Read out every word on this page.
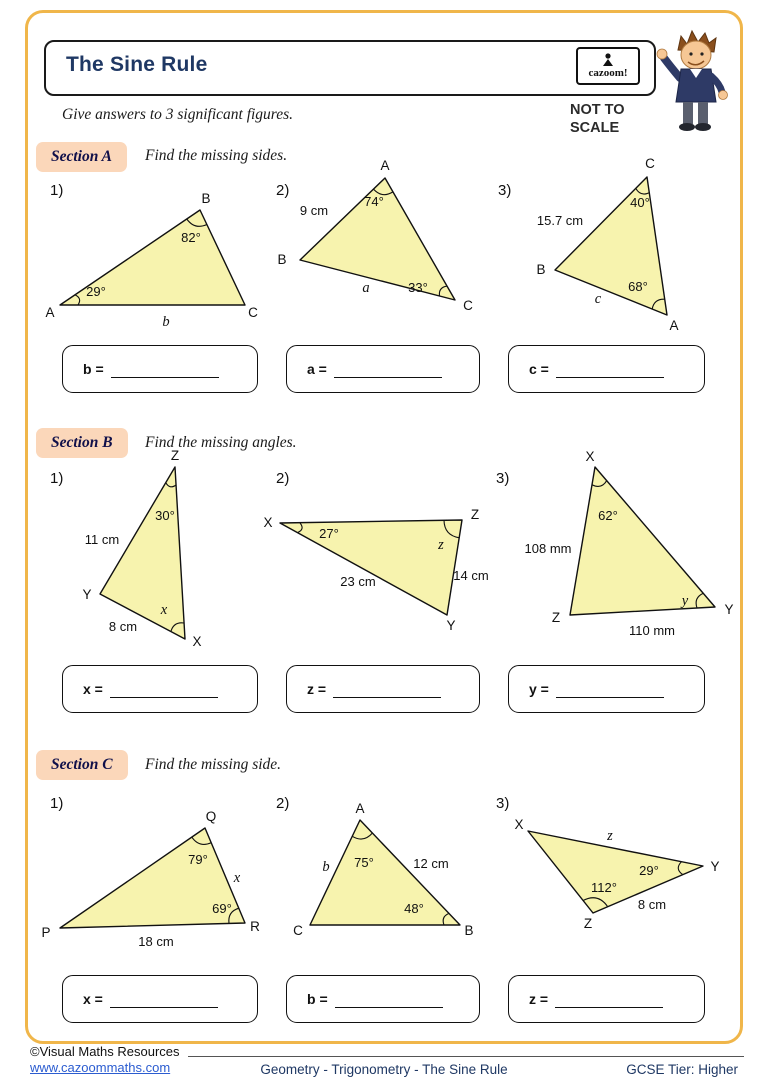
The Sine Rule	cazoom!
Give answers to 3 significant figures.	NOT TO SCALE
Section A	Find the missing sides.
1)	2)	3)
A
B
C
82°
29°
b
A
B
C
74°
9 cm
33°
a
C
B
A
40°
15.7 cm
68°
c
b =	a =	c =
Section B	Find the missing angles.
1)	2)	3)
Z
Y
X
30°
11 cm
8 cm
x
X
Z
Y
27°
z
23 cm	14 cm
X
Z
Y
62°
108 mm
110 mm
y
x =	z =	y =
Section C	Find the missing side.
1)	2)	3)
Q
P	R
79°
x
69°
18 cm
A
C	B
75°
b	12 cm
48°
X
Y
Z
z
29°
112°
8 cm
x =	b =	z =
©Visual Maths Resources
www.cazoommaths.com	Geometry - Trigonometry - The Sine Rule	GCSE Tier: Higher
